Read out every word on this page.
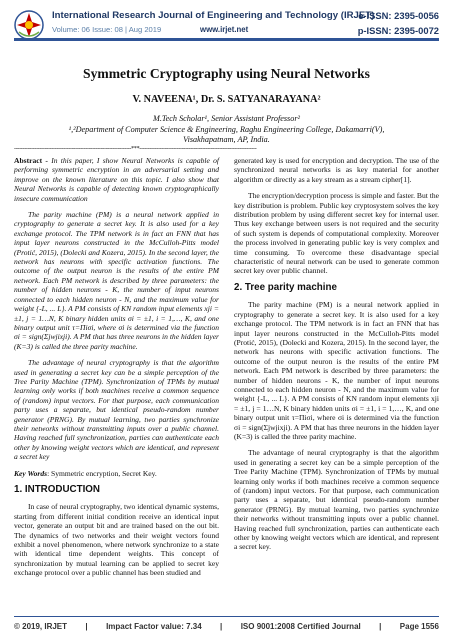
International Research Journal of Engineering and Technology (IRJET)
e-ISSN: 2395-0056
Volume: 06 Issue: 08 | Aug 2019	www.irjet.net	p-ISSN: 2395-0072
Symmetric Cryptography using Neural Networks
V. NAVEENA¹, Dr. S. SATYANARAYANA²
M.Tech Scholar¹, Senior Assistant Professor²
¹,²Department of Computer Science & Engineering, Raghu Engineering College, Dakamarri(V),
Visakhapatnam, AP, India.
---------------------------------------------------------------------***---------------------------------------------------------------------

Abstract - In this paper, I show Neural Networks is capable of performing symmetric encryption in an adversarial setting and improve on the known literature on this topic. I also show that Neural Networks is capable of detecting known cryptographically insecure communication

The parity machine (PM) is a neural network applied in cryptography to generate a secret key. It is also used for a key exchange protocol. The TPM network is in fact an FNN that has input layer neurons constructed in the McCulloh-Pitts model (Protić, 2015), (Dolecki and Kozera, 2015). In the second layer, the network has neurons with specific activation functions. The outcome of the output neuron is the results of the entire PM network. Each PM network is described by three parameters: the number of hidden neurons - K, the number of input neurons connected to each hidden neuron - N, and the maximum value for weight {-L, ... L}. A PM consists of KN random input elements xji = ±1, j = 1…N, K binary hidden units σi = ±1, i = 1,…, K, and one binary output unit τ=Πiσi, where σi is determined via the function σi = sign(Σjwjixji). A PM that has three neurons in the hidden layer (K=3) is called the three parity machine.

The advantage of neural cryptography is that the algorithm used in generating a secret key can be a simple perception of the Tree Parity Machine (TPM). Synchronization of TPMs by mutual learning only works if both machines receive a common sequence of (random) input vectors. For that purpose, each communication party uses a separate, but identical pseudo-random number generator (PRNG). By mutual learning, two parties synchronize their networks without transmitting inputs over a public channel. Having reached full synchronization, parties can authenticate each other by knowing weight vectors which are identical, and represent a secret key

Key Words: Symmetric encryption, Secret Key.

1. INTRODUCTION

In case of neural cryptography, two identical dynamic systems, starting from different initial condition receive an identical input vector, generate an output bit and are trained based on the out bit. The dynamics of two networks and their weight vectors found exhibit a novel phenomenon, where network synchronize to a state with identical time dependent weights. This concept of synchronization by mutual learning can be applied to secret key exchange protocol over a public channel has been studied and

generated key is used for encryption and decryption. The use of the synchronized neural networks is as key material for another algorithm or directly as a key stream as a stream cipher[1].

The encryption/decryption process is simple and faster. But the key distribution is problem. Public key cryptosystem solves the key distribution problem by using different secret key for internal user. Thus key exchange between users is not required and the security of such system is depends of computational complexity. Moreover the process involved in generating public key is very complex and time consuming. To overcome these disadvantage special characteristic of neural network can be used to generate common secret key over public channel.

2. Tree parity machine

The parity machine (PM) is a neural network applied in cryptography to generate a secret key. It is also used for a key exchange protocol. The TPM network is in fact an FNN that has input layer neurons constructed in the McCulloh-Pitts model (Protić, 2015), (Dolecki and Kozera, 2015). In the second layer, the network has neurons with specific activation functions. The outcome of the output neuron is the results of the entire PM network. Each PM network is described by three parameters: the number of hidden neurons - K, the number of input neurons connected to each hidden neuron - N, and the maximum value for weight {-L, ... L}. A PM consists of KN random input elements xji = ±1, j = 1…N, K binary hidden units σi = ±1, i = 1,…, K, and one binary output unit τ=Πiσi, where σi is determined via the function σi = sign(Σjwjixji). A PM that has three neurons in the hidden layer (K=3) is called the three parity machine.

The advantage of neural cryptography is that the algorithm used in generating a secret key can be a simple perception of the Tree Parity Machine (TPM). Synchronization of TPMs by mutual learning only works if both machines receive a common sequence of (random) input vectors. For that purpose, each communication party uses a separate, but identical pseudo-random number generator (PRNG). By mutual learning, two parties synchronize their networks without transmitting inputs over a public channel. Having reached full synchronization, parties can authenticate each other by knowing weight vectors which are identical, and represent a secret key.

© 2019, IRJET | Impact Factor value: 7.34 | ISO 9001:2008 Certified Journal | Page 1556
